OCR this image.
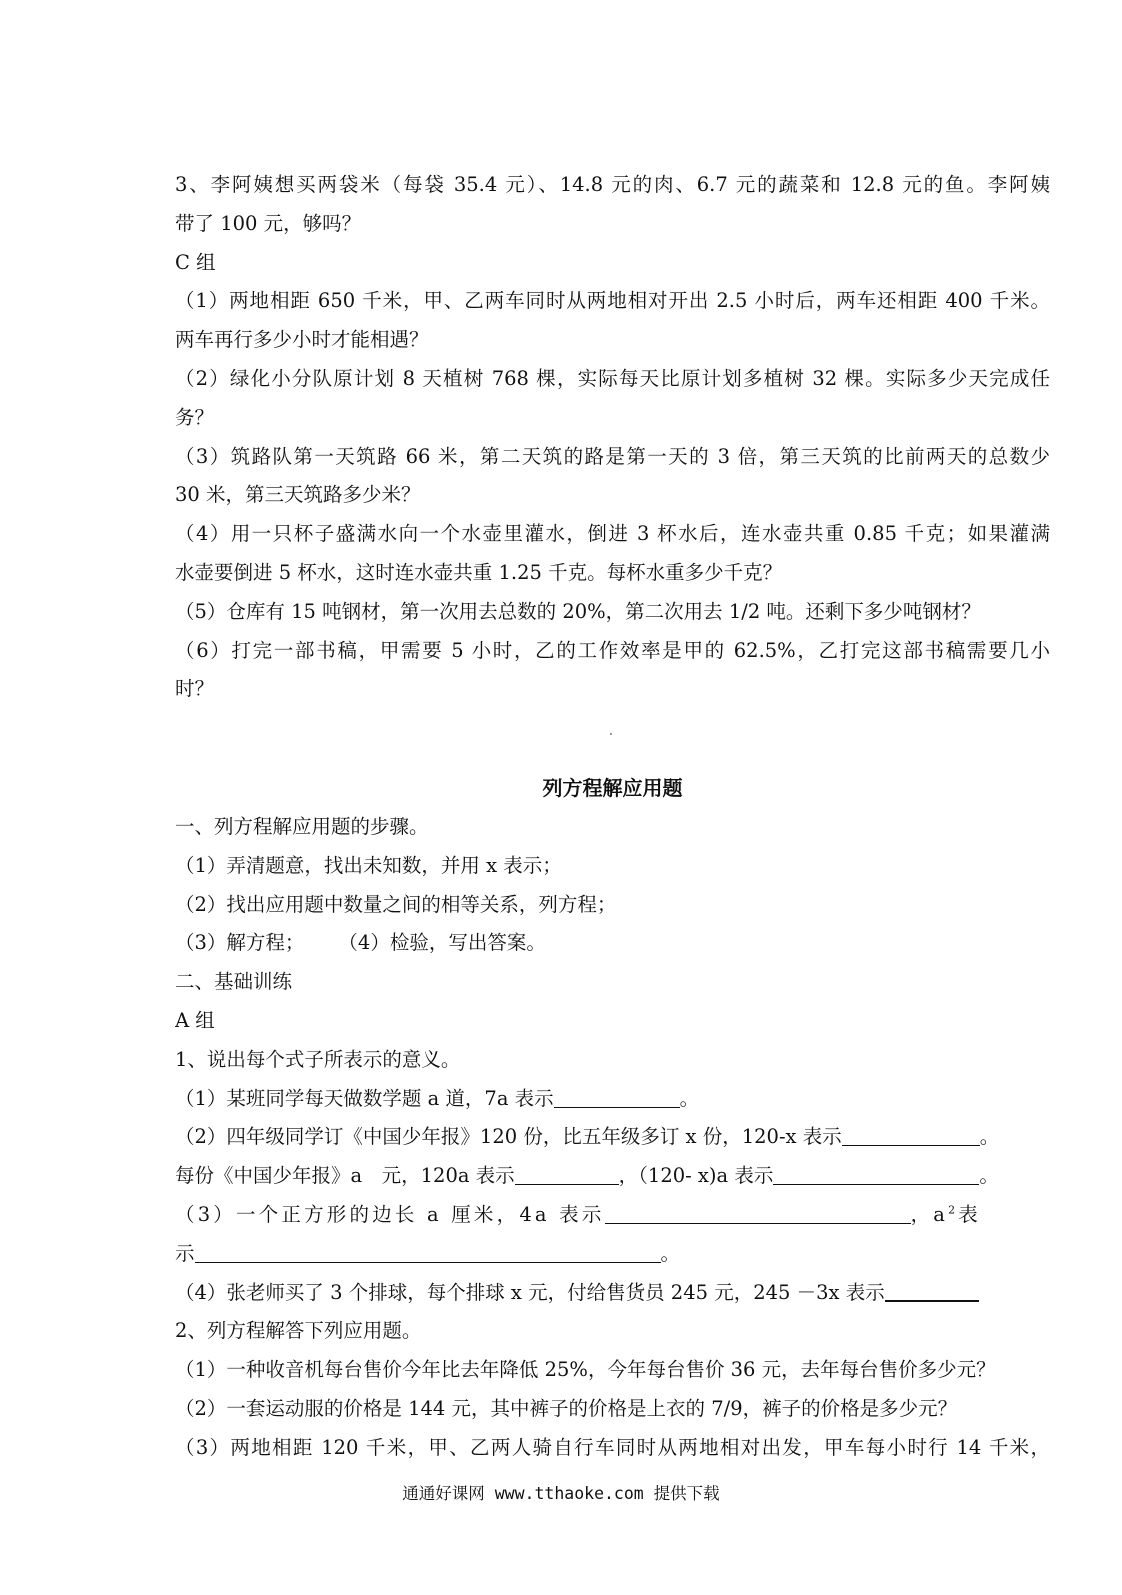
3、李阿姨想买两袋米（每袋 35.4 元）、14.8 元的肉、6.7 元的蔬菜和 12.8 元的鱼。李阿姨
带了 100 元，够吗？
C 组
（1）两地相距 650 千米，甲、乙两车同时从两地相对开出 2.5 小时后，两车还相距 400 千米。
两车再行多少小时才能相遇？
（2）绿化小分队原计划 8 天植树 768 棵，实际每天比原计划多植树 32 棵。实际多少天完成任
务？
（3）筑路队第一天筑路 66 米，第二天筑的路是第一天的 3 倍，第三天筑的比前两天的总数少
30 米，第三天筑路多少米？
（4）用一只杯子盛满水向一个水壶里灌水，倒进 3 杯水后，连水壶共重 0.85 千克；如果灌满
水壶要倒进 5 杯水，这时连水壶共重 1.25 千克。每杯水重多少千克？
（5）仓库有 15 吨钢材，第一次用去总数的 20%，第二次用去 1/2 吨。还剩下多少吨钢材？
（6）打完一部书稿，甲需要 5 小时，乙的工作效率是甲的 62.5%，乙打完这部书稿需要几小
时？
列方程解应用题
一、列方程解应用题的步骤。
（1）弄清题意，找出未知数，并用 x 表示；
（2）找出应用题中数量之间的相等关系，列方程；
（3）解方程； （4）检验，写出答案。
二、基础训练
A 组
1、说出每个式子所表示的意义。
（1）某班同学每天做数学题 a 道，7a 表示	。
（2）四年级同学订《中国少年报》120 份，比五年级多订 x 份，120-x 表示	。
每份《中国少年报》a　元，120a 表示	，（120- x)a 表示	。
（3）一个正方形的边长 a 厘米，4a 表示	，$a^2$表
示	。
（4）张老师买了 3 个排球，每个排球 x 元，付给售货员 245 元，245 －3x 表示
2、列方程解答下列应用题。
（1）一种收音机每台售价今年比去年降低 25%，今年每台售价 36 元，去年每台售价多少元？
（2）一套运动服的价格是 144 元，其中裤子的价格是上衣的 7/9，裤子的价格是多少元？
（3）两地相距 120 千米，甲、乙两人骑自行车同时从两地相对出发，甲车每小时行 14 千米，
通通好课网 www.tthaoke.com 提供下载
